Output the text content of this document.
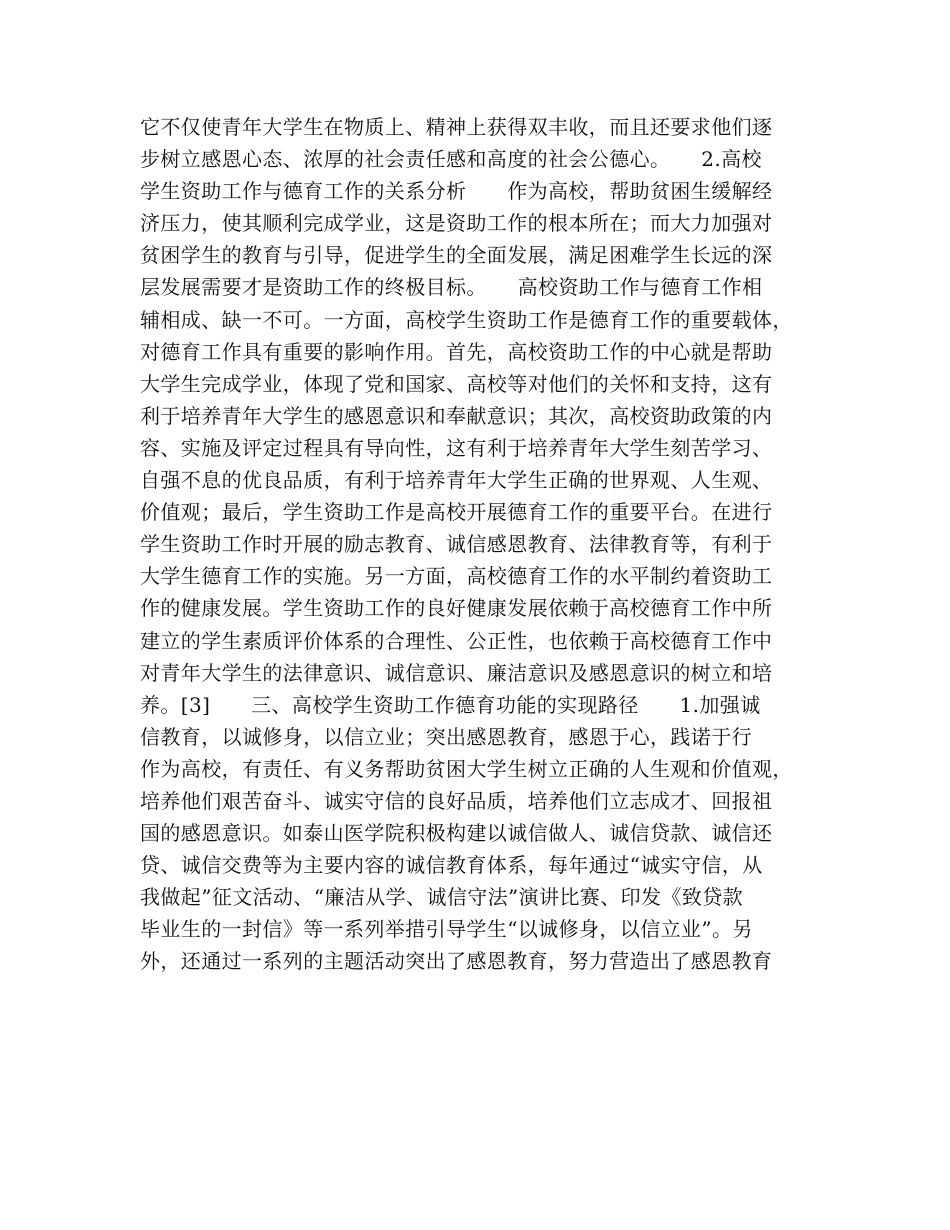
它不仅使青年大学生在物质上、精神上获得双丰收，而且还要求他们逐
步树立感恩心态、浓厚的社会责任感和高度的社会公德心。　　2.高校
学生资助工作与德育工作的关系分析　　作为高校，帮助贫困生缓解经
济压力，使其顺利完成学业，这是资助工作的根本所在；而大力加强对
贫困学生的教育与引导，促进学生的全面发展，满足困难学生长远的深
层发展需要才是资助工作的终极目标。　　高校资助工作与德育工作相
辅相成、缺一不可。一方面，高校学生资助工作是德育工作的重要载体，
对德育工作具有重要的影响作用。首先，高校资助工作的中心就是帮助
大学生完成学业，体现了党和国家、高校等对他们的关怀和支持，这有
利于培养青年大学生的感恩意识和奉献意识；其次，高校资助政策的内
容、实施及评定过程具有导向性，这有利于培养青年大学生刻苦学习、
自强不息的优良品质，有利于培养青年大学生正确的世界观、人生观、
价值观；最后，学生资助工作是高校开展德育工作的重要平台。在进行
学生资助工作时开展的励志教育、诚信感恩教育、法律教育等，有利于
大学生德育工作的实施。另一方面，高校德育工作的水平制约着资助工
作的健康发展。学生资助工作的良好健康发展依赖于高校德育工作中所
建立的学生素质评价体系的合理性、公正性，也依赖于高校德育工作中
对青年大学生的法律意识、诚信意识、廉洁意识及感恩意识的树立和培
养。[3]　　三、高校学生资助工作德育功能的实现路径　　1.加强诚
信教育，以诚修身，以信立业；突出感恩教育，感恩于心，践诺于行
作为高校，有责任、有义务帮助贫困大学生树立正确的人生观和价值观，
培养他们艰苦奋斗、诚实守信的良好品质，培养他们立志成才、回报祖
国的感恩意识。如泰山医学院积极构建以诚信做人、诚信贷款、诚信还
贷、诚信交费等为主要内容的诚信教育体系，每年通过“诚实守信，从
我做起”征文活动、“廉洁从学、诚信守法”演讲比赛、印发《致贷款
毕业生的一封信》等一系列举措引导学生“以诚修身，以信立业”。另
外，还通过一系列的主题活动突出了感恩教育，努力营造出了感恩教育
